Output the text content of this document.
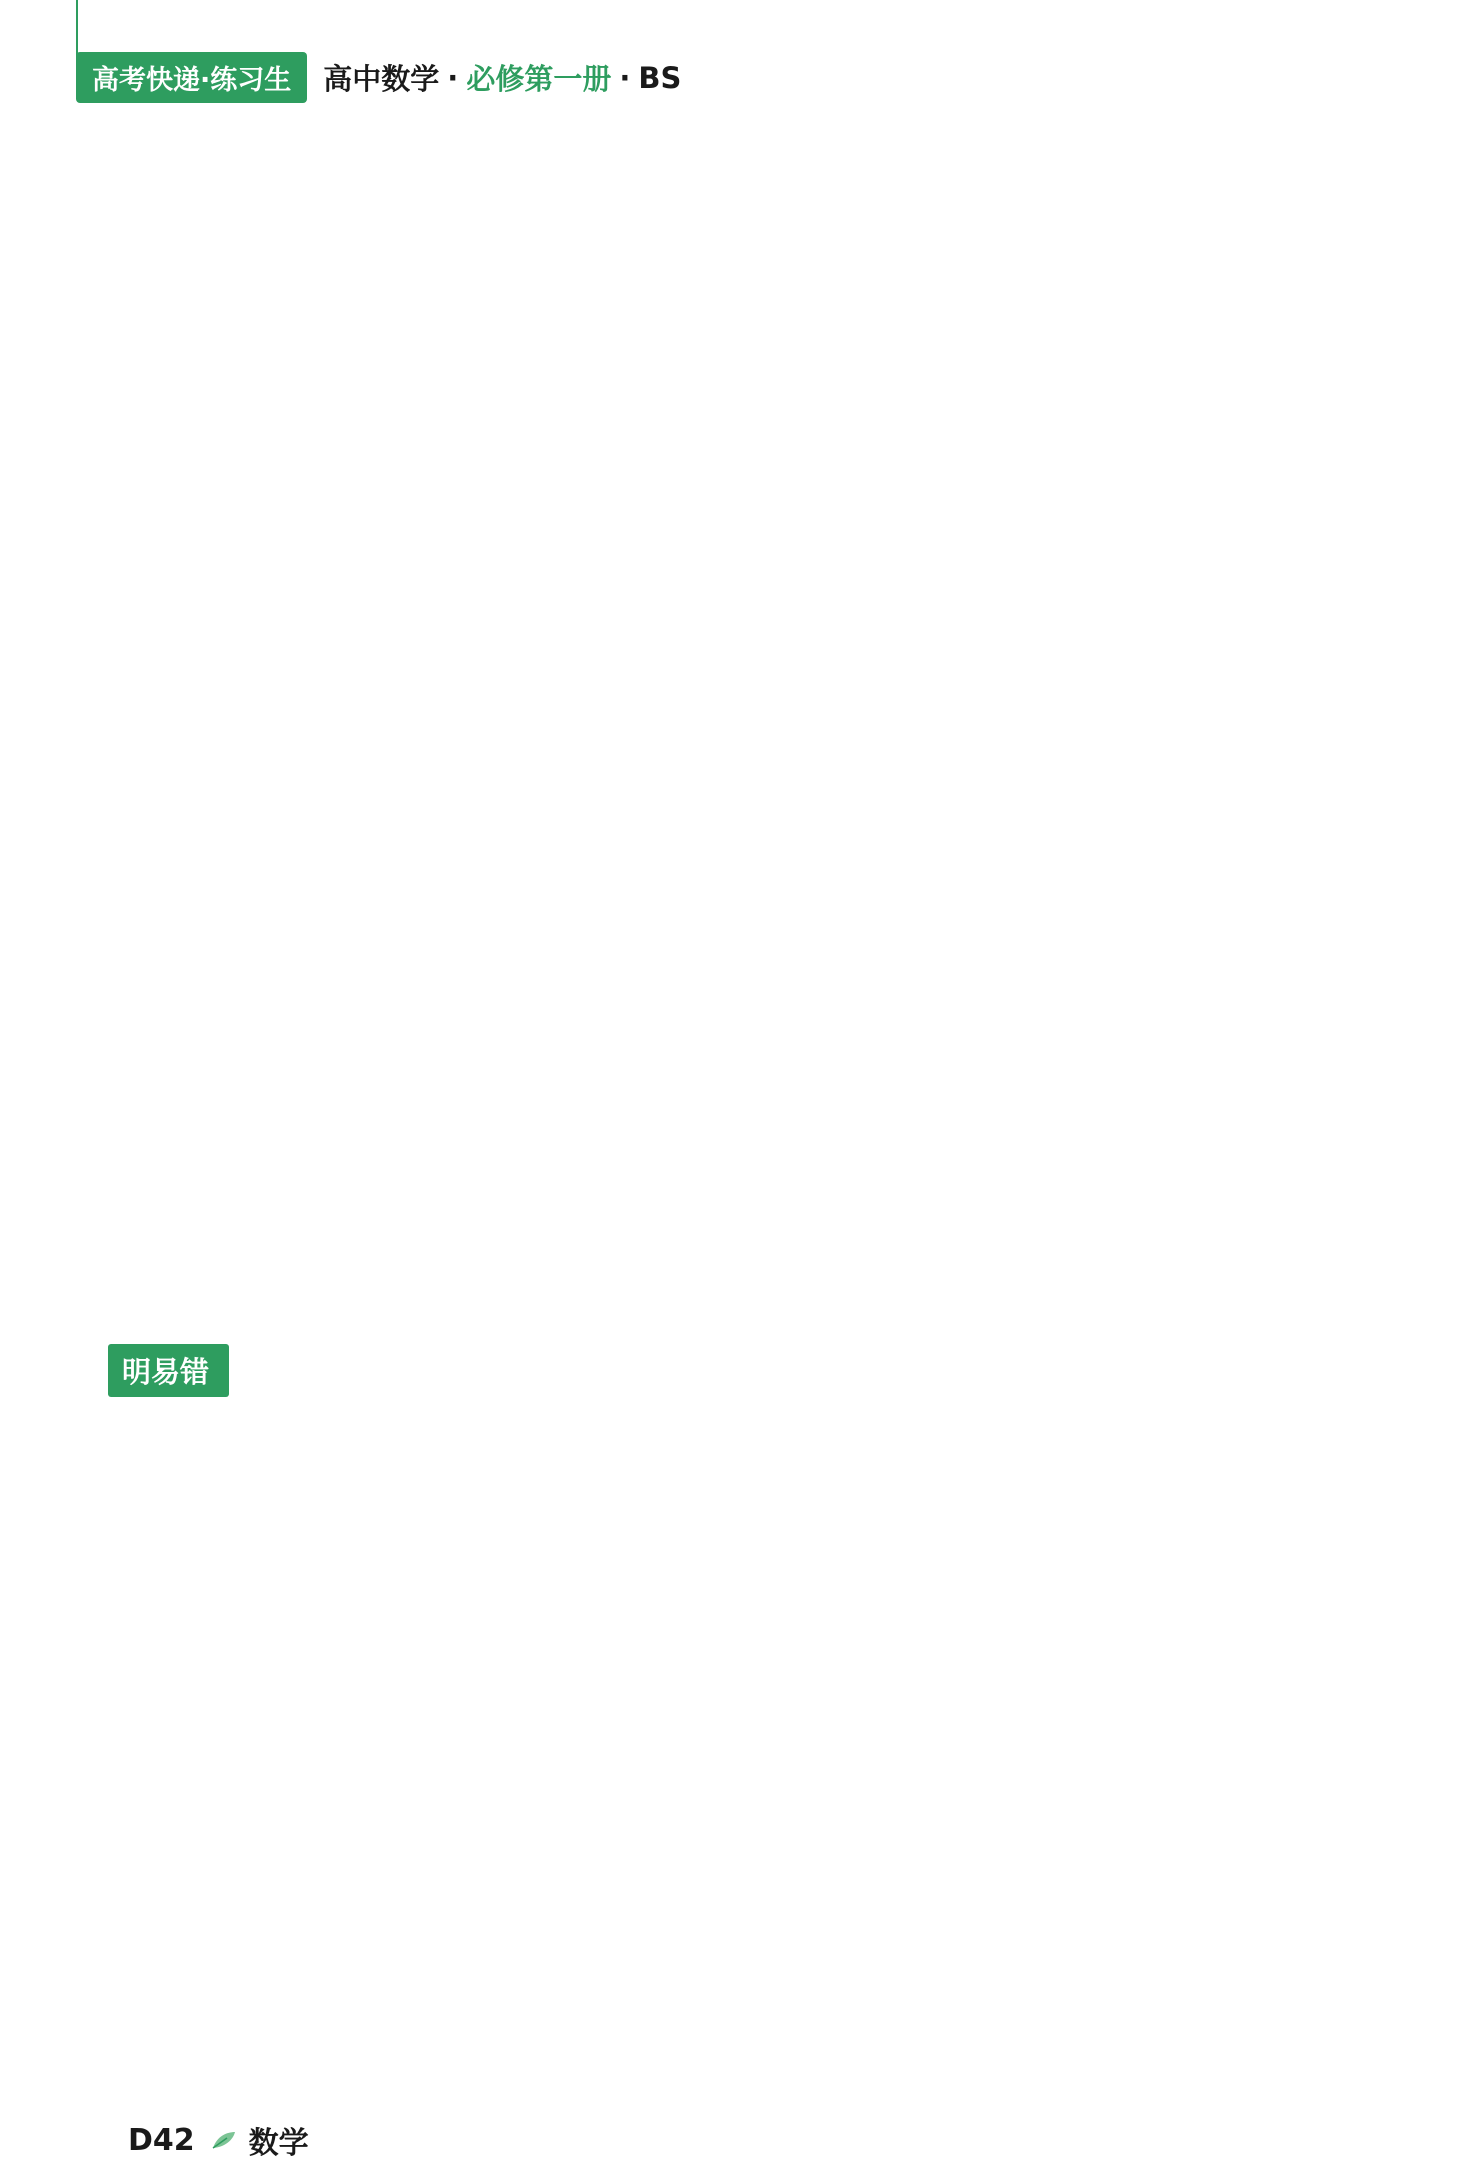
高考快递·练习生	高中数学 · 必修第一册 · BS
明易错
D42 数学
